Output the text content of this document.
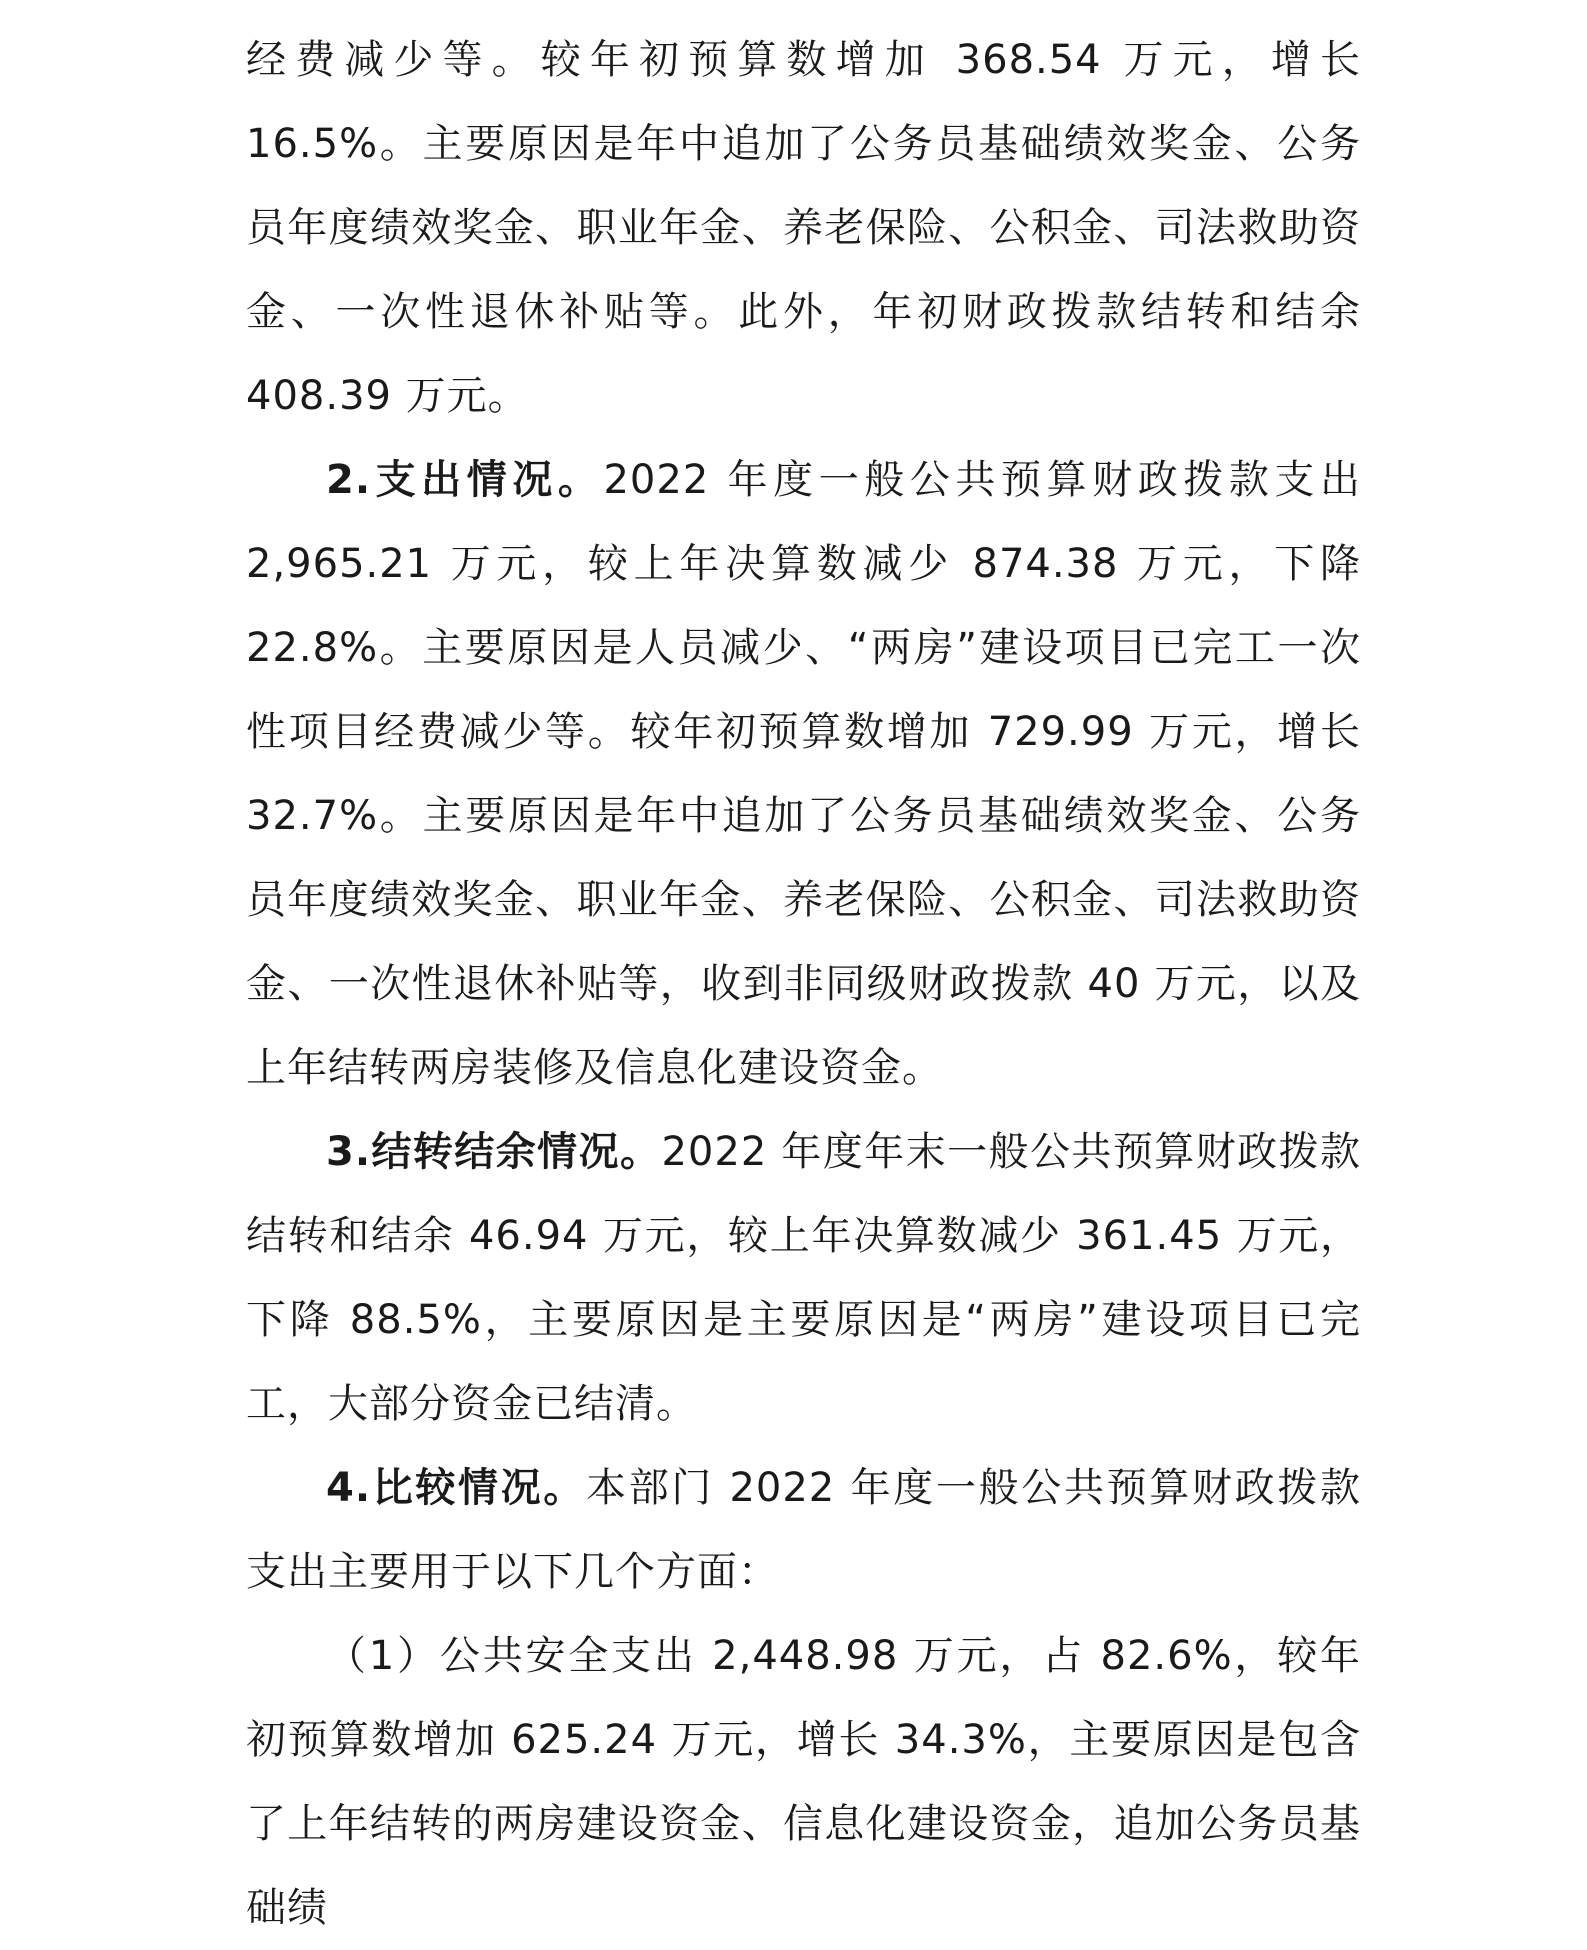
经费减少等。较年初预算数增加 368.54 万元，增长 16.5%。主要原因是年中追加了公务员基础绩效奖金、公务员年度绩效奖金、职业年金、养老保险、公积金、司法救助资金、一次性退休补贴等。此外，年初财政拨款结转和结余 408.39 万元。

2.支出情况。2022 年度一般公共预算财政拨款支出 2,965.21 万元，较上年决算数减少 874.38 万元，下降 22.8%。主要原因是人员减少、“两房”建设项目已完工一次性项目经费减少等。较年初预算数增加 729.99 万元，增长 32.7%。主要原因是年中追加了公务员基础绩效奖金、公务员年度绩效奖金、职业年金、养老保险、公积金、司法救助资金、一次性退休补贴等，收到非同级财政拨款 40 万元，以及上年结转两房装修及信息化建设资金。

3.结转结余情况。2022 年度年末一般公共预算财政拨款结转和结余 46.94 万元，较上年决算数减少 361.45 万元，下降 88.5%，主要原因是主要原因是“两房”建设项目已完工，大部分资金已结清。

4.比较情况。本部门 2022 年度一般公共预算财政拨款支出主要用于以下几个方面：

（1）公共安全支出 2,448.98 万元，占 82.6%，较年初预算数增加 625.24 万元，增长 34.3%，主要原因是包含了上年结转的两房建设资金、信息化建设资金，追加公务员基础绩
